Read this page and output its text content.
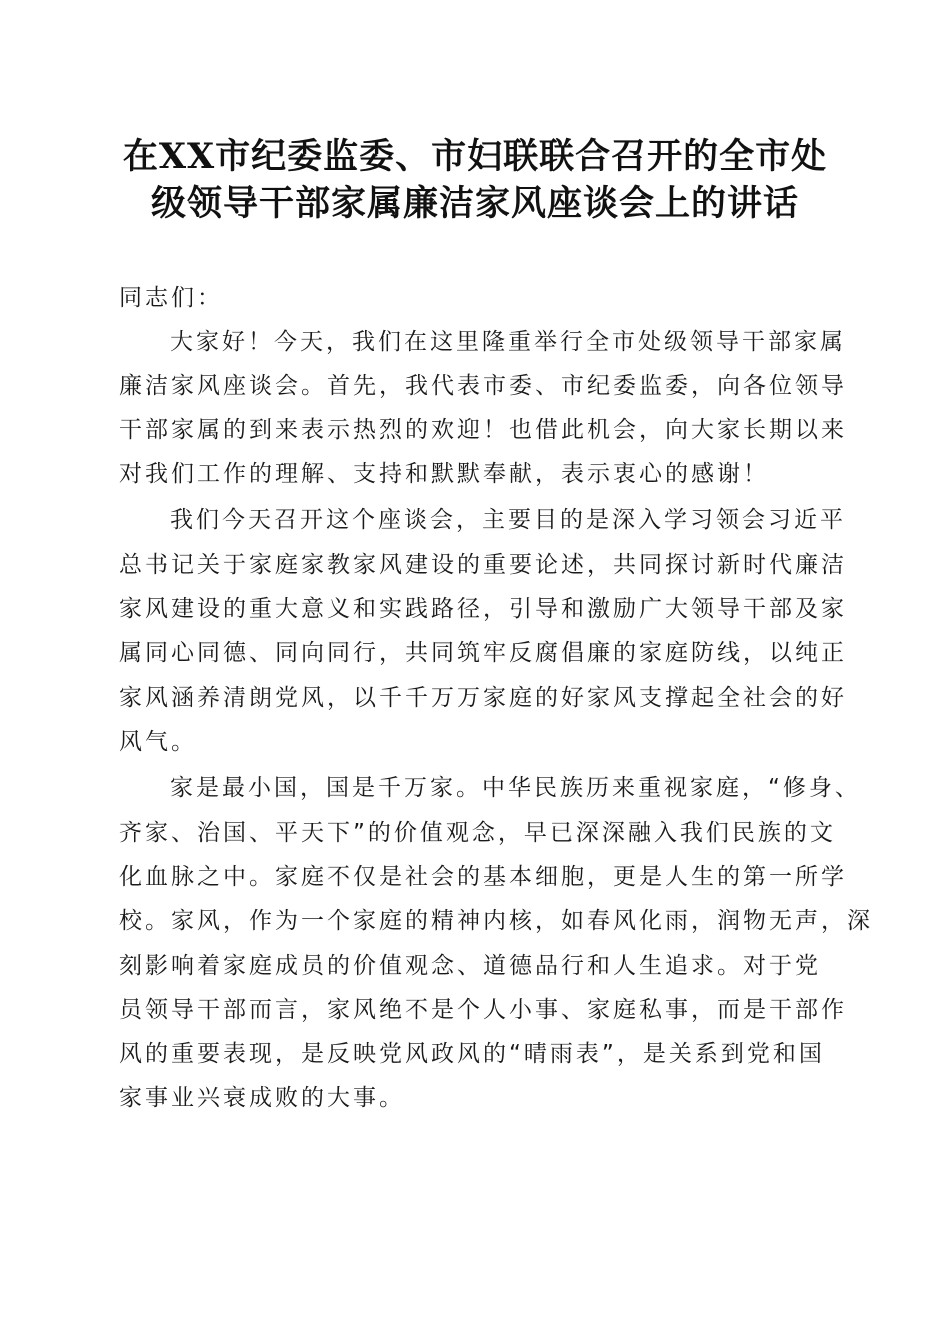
在XX市纪委监委、市妇联联合召开的全市处
级领导干部家属廉洁家风座谈会上的讲话
同志们：
大家好！今天，我们在这里隆重举行全市处级领导干部家属
廉洁家风座谈会。首先，我代表市委、市纪委监委，向各位领导
干部家属的到来表示热烈的欢迎！也借此机会，向大家长期以来
对我们工作的理解、支持和默默奉献，表示衷心的感谢！
我们今天召开这个座谈会，主要目的是深入学习领会习近平
总书记关于家庭家教家风建设的重要论述，共同探讨新时代廉洁
家风建设的重大意义和实践路径，引导和激励广大领导干部及家
属同心同德、同向同行，共同筑牢反腐倡廉的家庭防线，以纯正
家风涵养清朗党风，以千千万万家庭的好家风支撑起全社会的好
风气。
家是最小国，国是千万家。中华民族历来重视家庭，“修身、
齐家、治国、平天下”的价值观念，早已深深融入我们民族的文
化血脉之中。家庭不仅是社会的基本细胞，更是人生的第一所学
校。家风，作为一个家庭的精神内核，如春风化雨，润物无声，深
刻影响着家庭成员的价值观念、道德品行和人生追求。对于党
员领导干部而言，家风绝不是个人小事、家庭私事，而是干部作
风的重要表现，是反映党风政风的“晴雨表”，是关系到党和国
家事业兴衰成败的大事。
